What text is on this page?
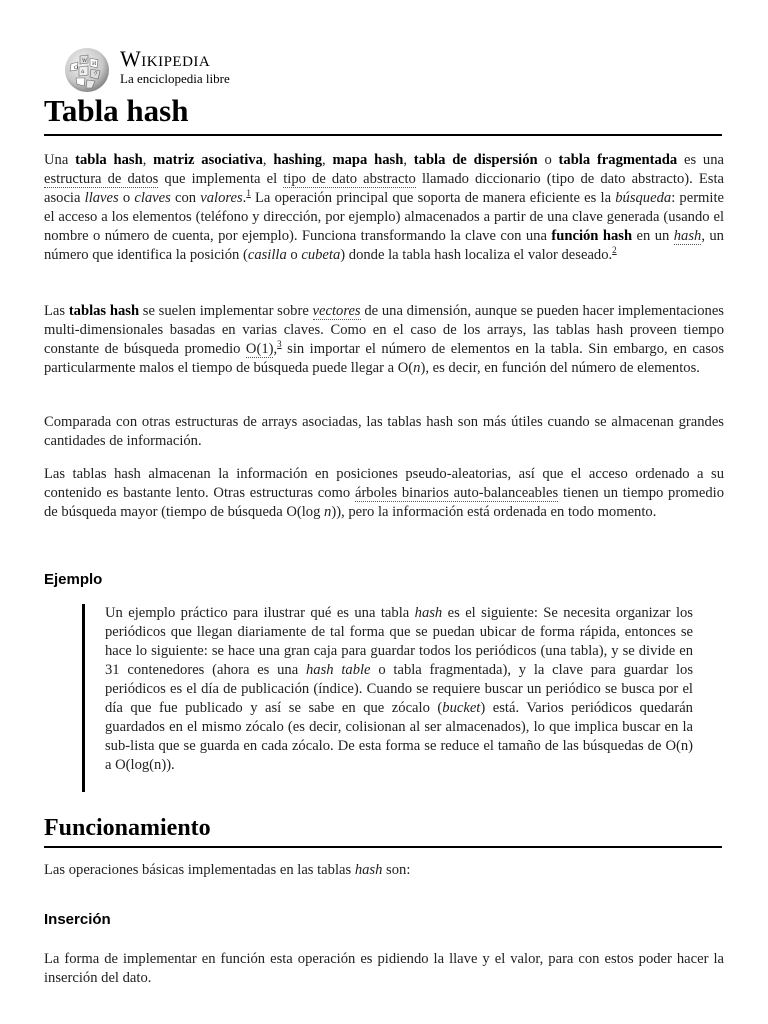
Ω
W И
ά ウ
Wikipedia
La enciclopedia libre
Tabla hash

Una tabla hash, matriz asociativa, hashing, mapa hash, tabla de dispersión o tabla fragmentada es una estructura de datos que implementa el tipo de dato abstracto llamado diccionario (tipo de dato abstracto). Esta asocia llaves o claves con valores.$^1$ La operación principal que soporta de manera eficiente es la búsqueda: permite el acceso a los elementos (teléfono y dirección, por ejemplo) almacenados a partir de una clave generada (usando el nombre o número de cuenta, por ejemplo). Funciona transformando la clave con una función hash en un hash, un número que identifica la posición (casilla o cubeta) donde la tabla hash localiza el valor deseado.$^2$

Las tablas hash se suelen implementar sobre vectores de una dimensión, aunque se pueden hacer implementaciones multi-dimensionales basadas en varias claves. Como en el caso de los arrays, las tablas hash proveen tiempo constante de búsqueda promedio O(1),$^3$ sin importar el número de elementos en la tabla. Sin embargo, en casos particularmente malos el tiempo de búsqueda puede llegar a O(n), es decir, en función del número de elementos.

Comparada con otras estructuras de arrays asociadas, las tablas hash son más útiles cuando se almacenan grandes cantidades de información.

Las tablas hash almacenan la información en posiciones pseudo-aleatorias, así que el acceso ordenado a su contenido es bastante lento. Otras estructuras como árboles binarios auto-balanceables tienen un tiempo promedio de búsqueda mayor (tiempo de búsqueda O(log n)), pero la información está ordenada en todo momento.

Ejemplo

Un ejemplo práctico para ilustrar qué es una tabla hash es el siguiente: Se necesita organizar los periódicos que llegan diariamente de tal forma que se puedan ubicar de forma rápida, entonces se hace lo siguiente: se hace una gran caja para guardar todos los periódicos (una tabla), y se divide en 31 contenedores (ahora es una hash table o tabla fragmentada), y la clave para guardar los periódicos es el día de publicación (índice). Cuando se requiere buscar un periódico se busca por el día que fue publicado y así se sabe en que zócalo (bucket) está. Varios periódicos quedarán guardados en el mismo zócalo (es decir, colisionan al ser almacenados), lo que implica buscar en la sub-lista que se guarda en cada zócalo. De esta forma se reduce el tamaño de las búsquedas de O(n) a O(log(n)).

Funcionamiento

Las operaciones básicas implementadas en las tablas hash son:

Inserción

La forma de implementar en función esta operación es pidiendo la llave y el valor, para con estos poder hacer la inserción del dato.
